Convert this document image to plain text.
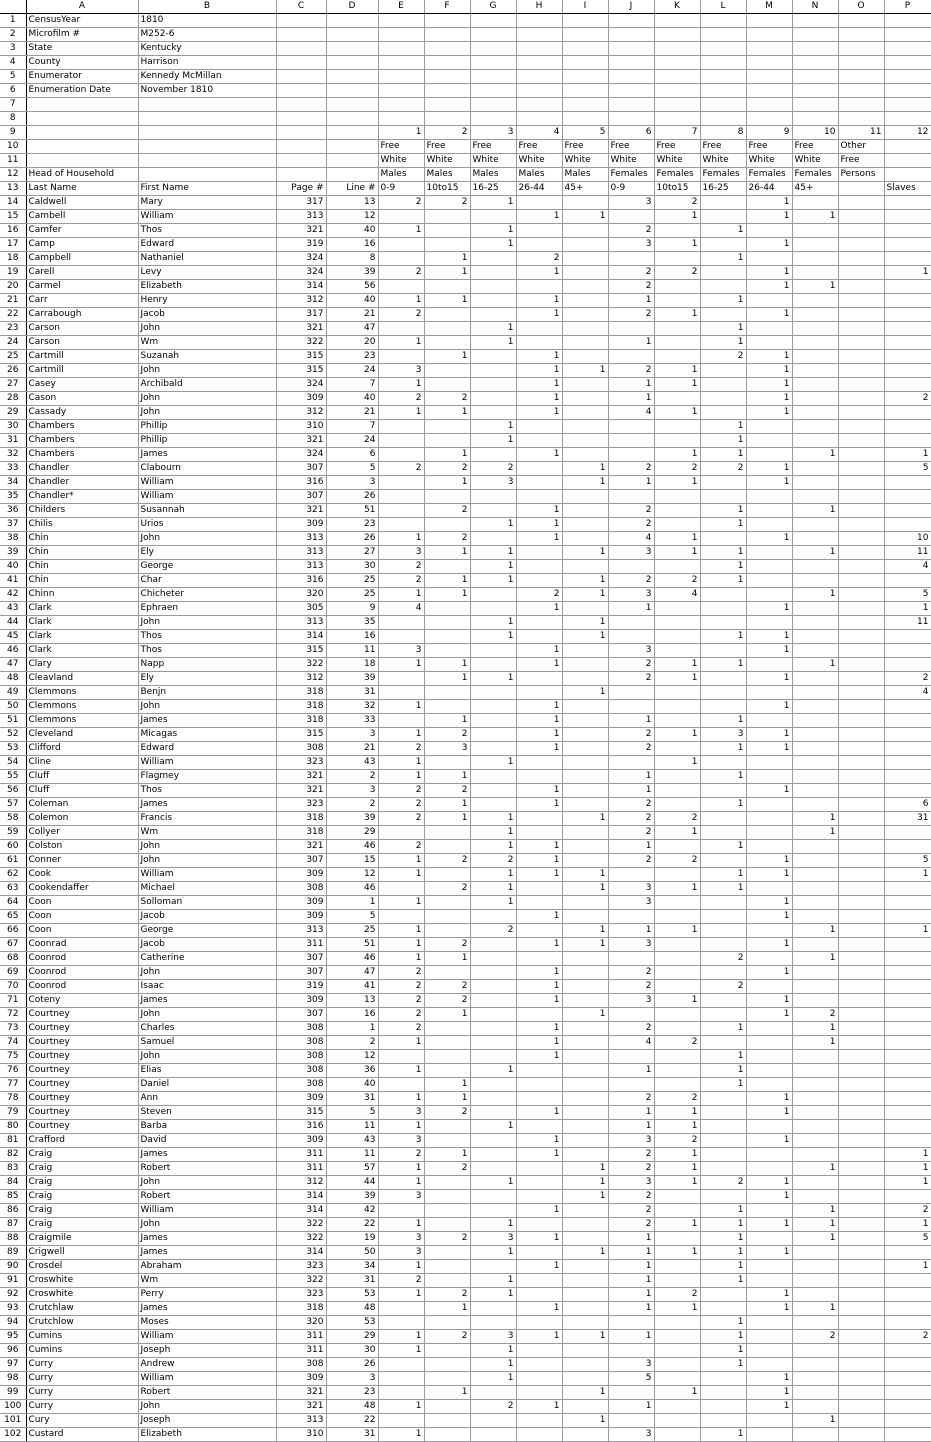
	A	B	C	D	E	F	G	H	I	J	K	L	M	N	O	P
1	CensusYear	1810														
2	Microfilm #	M252-6														
3	State	Kentucky														
4	County	Harrison														
5	Enumerator	Kennedy McMillan														
6	Enumeration Date	November 1810														
7																
8																
9					1	2	3	4	5	6	7	8	9	10	11	12
10					Free	Free	Free	Free	Free	Free	Free	Free	Free	Free	Other	
11					White	White	White	White	White	White	White	White	White	White	Free	
12	Head of Household				Males	Males	Males	Males	Males	Females	Females	Females	Females	Females	Persons	
13	Last Name	First Name	Page #	Line #	0-9	10to15	16-25	26-44	45+	0-9	10to15	16-25	26-44	45+		Slaves
14	Caldwell	Mary	317	13	2	2	1			3	2		1			
15	Cambell	William	313	12				1	1		1		1	1		
16	Camfer	Thos	321	40	1		1			2		1				
17	Camp	Edward	319	16			1			3	1		1			
18	Campbell	Nathaniel	324	8		1		2				1				
19	Carell	Levy	324	39	2	1		1		2	2		1			1
20	Carmel	Elizabeth	314	56						2			1	1		
21	Carr	Henry	312	40	1	1		1		1		1				
22	Carrabough	Jacob	317	21	2			1		2	1		1			
23	Carson	John	321	47			1					1				
24	Carson	Wm	322	20	1		1			1		1				
25	Cartmill	Suzanah	315	23		1		1				2	1			
26	Cartmill	John	315	24	3			1	1	2	1		1			
27	Casey	Archibald	324	7	1			1		1	1		1			
28	Cason	John	309	40	2	2		1		1			1			2
29	Cassady	John	312	21	1	1		1		4	1		1			
30	Chambers	Phillip	310	7			1					1				
31	Chambers	Phillip	321	24			1					1				
32	Chambers	James	324	6		1		1			1	1		1		1
33	Chandler	Clabourn	307	5	2	2	2		1	2	2	2	1			5
34	Chandler	William	316	3		1	3		1	1	1		1			
35	Chandler*	William	307	26												
36	Childers	Susannah	321	51		2		1		2		1		1		
37	Chilis	Urios	309	23			1	1		2		1				
38	Chin	John	313	26	1	2		1		4	1		1			10
39	Chin	Ely	313	27	3	1	1		1	3	1	1		1		11
40	Chin	George	313	30	2		1					1				4
41	Chin	Char	316	25	2	1	1		1	2	2	1				
42	Chinn	Chicheter	320	25	1	1		2	1	3	4			1		5
43	Clark	Ephraen	305	9	4			1		1			1			1
44	Clark	John	313	35			1		1							11
45	Clark	Thos	314	16			1		1			1	1			
46	Clark	Thos	315	11	3			1		3			1			
47	Clary	Napp	322	18	1	1		1		2	1	1		1		
48	Cleavland	Ely	312	39		1	1			2	1		1			2
49	Clemmons	Benjn	318	31					1							4
50	Clemmons	John	318	32	1			1					1			
51	Clemmons	James	318	33		1		1		1		1				
52	Cleveland	Micagas	315	3	1	2		1		2	1	3	1			
53	Clifford	Edward	308	21	2	3		1		2		1	1			
54	Cline	William	323	43	1		1				1					
55	Cluff	Flagmey	321	2	1	1				1		1				
56	Cluff	Thos	321	3	2	2		1		1			1			
57	Coleman	James	323	2	2	1		1		2		1				6
58	Colemon	Francis	318	39	2	1	1		1	2	2			1		31
59	Collyer	Wm	318	29			1			2	1			1		
60	Colston	John	321	46	2		1	1		1		1				
61	Conner	John	307	15	1	2	2	1		2	2		1			5
62	Cook	William	309	12	1		1	1	1			1	1			1
63	Cookendaffer	Michael	308	46		2	1		1	3	1	1				
64	Coon	Solloman	309	1	1		1			3			1			
65	Coon	Jacob	309	5				1					1			
66	Coon	George	313	25	1		2		1	1	1			1		1
67	Coonrad	Jacob	311	51	1	2		1	1	3			1			
68	Coonrod	Catherine	307	46	1	1						2		1		
69	Coonrod	John	307	47	2			1		2			1			
70	Coonrod	Isaac	319	41	2	2		1		2		2				
71	Coteny	James	309	13	2	2		1		3	1		1			
72	Courtney	John	307	16	2	1			1				1	2		
73	Courtney	Charles	308	1	2			1		2		1		1		
74	Courtney	Samuel	308	2	1			1		4	2			1		
75	Courtney	John	308	12				1				1				
76	Courtney	Elias	308	36	1		1			1		1				
77	Courtney	Daniel	308	40		1						1				
78	Courtney	Ann	309	31	1	1				2	2		1			
79	Courtney	Steven	315	5	3	2		1		1	1		1			
80	Courtney	Barba	316	11	1		1			1	1					
81	Crafford	David	309	43	3			1		3	2		1			
82	Craig	James	311	11	2	1		1		2	1					1
83	Craig	Robert	311	57	1	2			1	2	1			1		1
84	Craig	John	312	44	1		1		1	3	1	2	1			1
85	Craig	Robert	314	39	3				1	2			1			
86	Craig	William	314	42				1		2		1		1		2
87	Craig	John	322	22	1		1			2	1	1	1	1		1
88	Craigmile	James	322	19	3	2	3	1		1		1		1		5
89	Crigwell	James	314	50	3		1		1	1	1	1	1			
90	Crosdel	Abraham	323	34	1			1		1		1				1
91	Croswhite	Wm	322	31	2		1			1		1				
92	Croswhite	Perry	323	53	1	2	1			1	2		1			
93	Crutchlaw	James	318	48		1		1		1	1		1	1		
94	Crutchlow	Moses	320	53								1				
95	Cumins	William	311	29	1	2	3	1	1	1		1		2		2
96	Cumins	Joseph	311	30	1		1					1				
97	Curry	Andrew	308	26			1			3		1				
98	Curry	William	309	3			1			5			1			
99	Curry	Robert	321	23		1			1		1		1			
100	Curry	John	321	48	1		2	1		1			1			
101	Cury	Joseph	313	22					1					1		
102	Custard	Elizabeth	310	31	1					3		1				
